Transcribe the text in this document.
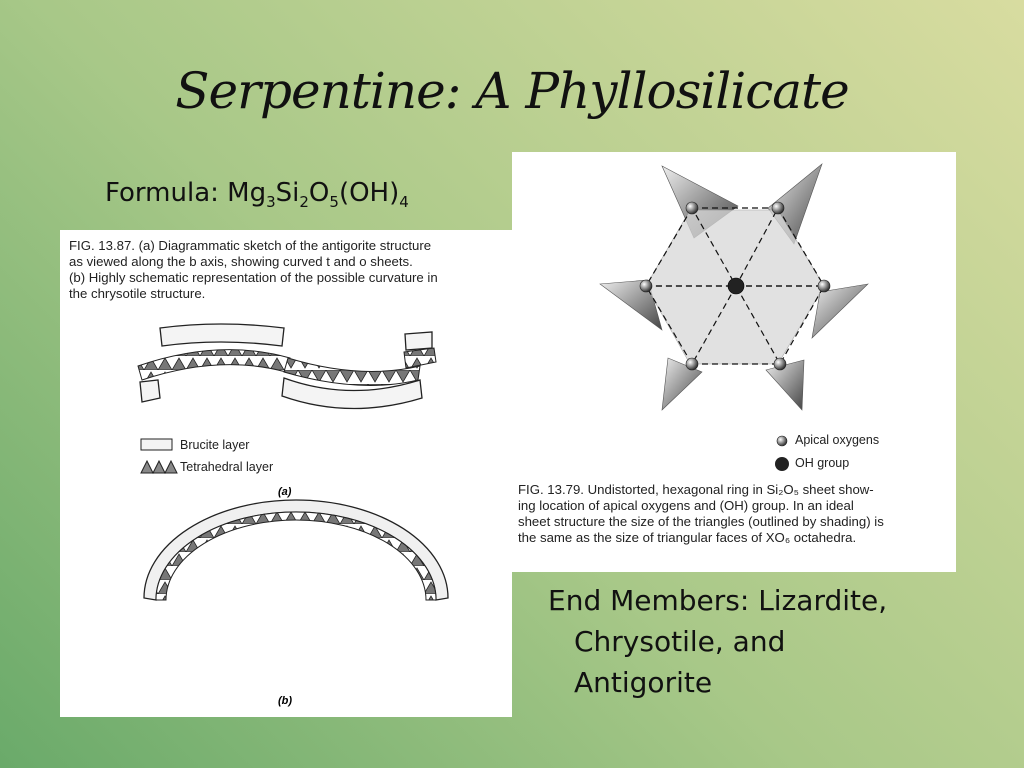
Serpentine: A Phyllosilicate
Formula: $Mg_3Si_2O_5(OH)_4$
FIG. 13.87. (a) Diagrammatic sketch of the antigorite structure
as viewed along the b axis, showing curved t and o sheets.
(b) Highly schematic representation of the possible curvature in
the chrysotile structure.
(a)
(b)
Brucite layer
Tetrahedral layer
Apical oxygens
OH group
FIG. 13.79. Undistorted, hexagonal ring in Si₂O₅ sheet show-
ing location of apical oxygens and (OH) group. In an ideal
sheet structure the size of the triangles (outlined by shading) is
the same as the size of triangular faces of XO₆ octahedra.
End Members: Lizardite,
Chrysotile, and
Antigorite
